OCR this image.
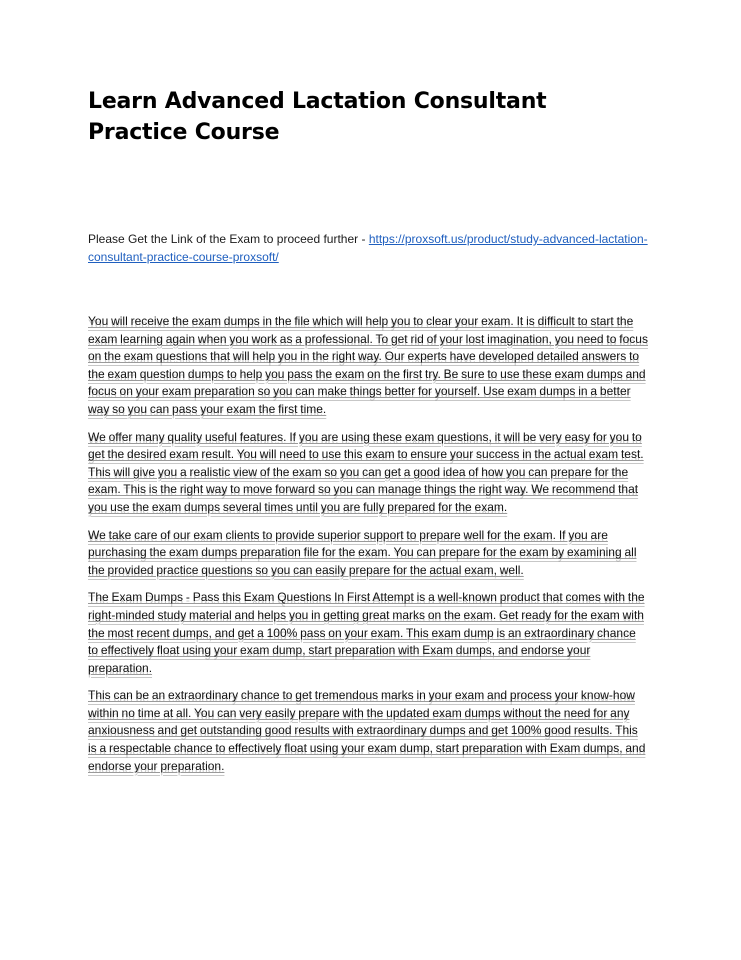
Learn Advanced Lactation Consultant Practice Course

Please Get the Link of the Exam to proceed further - https://proxsoft.us/product/study-advanced-lactation-consultant-practice-course-proxsoft/

You will receive the exam dumps in the file which will help you to clear your exam. It is difficult to start the exam learning again when you work as a professional. To get rid of your lost imagination, you need to focus on the exam questions that will help you in the right way. Our experts have developed detailed answers to the exam question dumps to help you pass the exam on the first try. Be sure to use these exam dumps and focus on your exam preparation so you can make things better for yourself. Use exam dumps in a better way so you can pass your exam the first time.

We offer many quality useful features. If you are using these exam questions, it will be very easy for you to get the desired exam result. You will need to use this exam to ensure your success in the actual exam test. This will give you a realistic view of the exam so you can get a good idea of how you can prepare for the exam. This is the right way to move forward so you can manage things the right way. We recommend that you use the exam dumps several times until you are fully prepared for the exam.

We take care of our exam clients to provide superior support to prepare well for the exam. If you are purchasing the exam dumps preparation file for the exam. You can prepare for the exam by examining all the provided practice questions so you can easily prepare for the actual exam, well.

The Exam Dumps - Pass this Exam Questions In First Attempt is a well-known product that comes with the right-minded study material and helps you in getting great marks on the exam. Get ready for the exam with the most recent dumps, and get a 100% pass on your exam. This exam dump is an extraordinary chance to effectively float using your exam dump, start preparation with Exam dumps, and endorse your preparation.

This can be an extraordinary chance to get tremendous marks in your exam and process your know-how within no time at all. You can very easily prepare with the updated exam dumps without the need for any anxiousness and get outstanding good results with extraordinary dumps and get 100% good results. This is a respectable chance to effectively float using your exam dump, start preparation with Exam dumps, and endorse your preparation.
